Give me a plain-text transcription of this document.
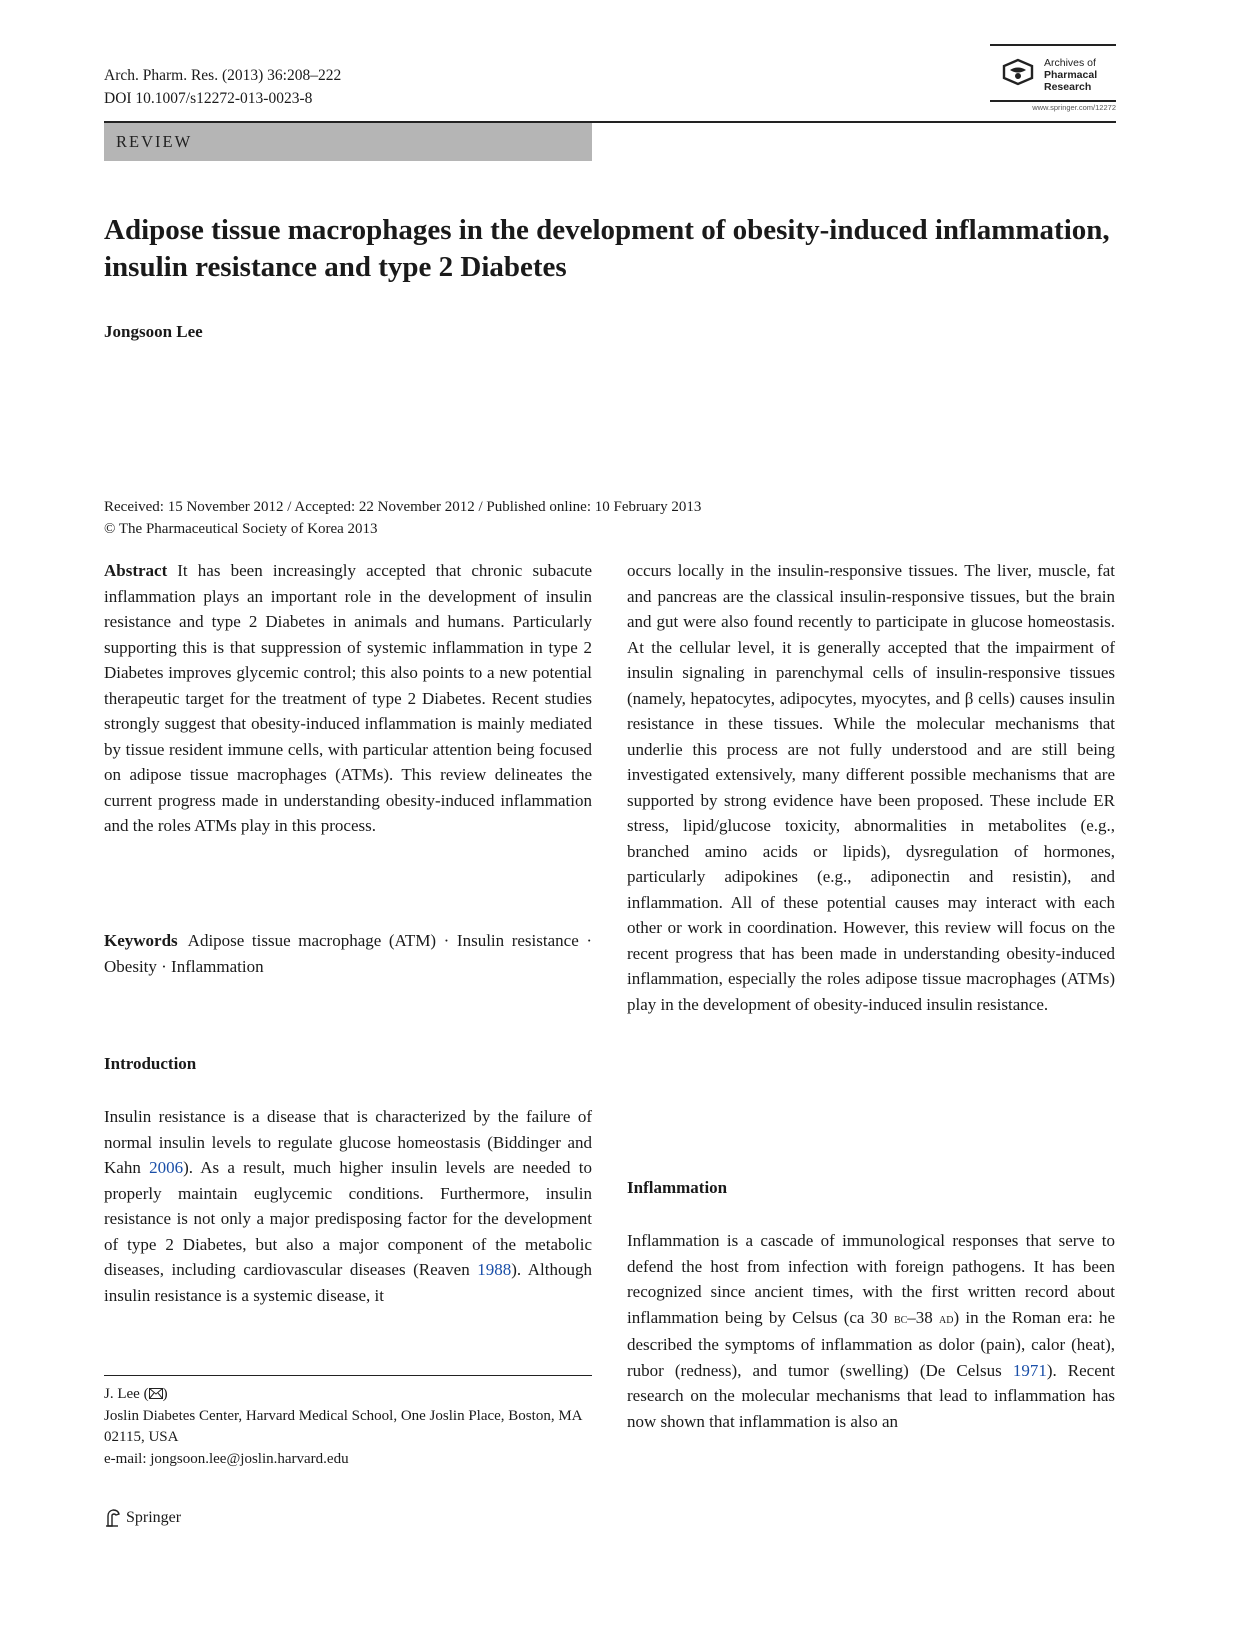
Arch. Pharm. Res. (2013) 36:208–222
DOI 10.1007/s12272-013-0023-8
Archives of
Pharmacal
Research
www.springer.com/12272
REVIEW
Adipose tissue macrophages in the development of obesity-induced inflammation, insulin resistance and type 2 Diabetes
Jongsoon Lee
Received: 15 November 2012 / Accepted: 22 November 2012 / Published online: 10 February 2013
© The Pharmaceutical Society of Korea 2013

Abstract It has been increasingly accepted that chronic subacute inflammation plays an important role in the development of insulin resistance and type 2 Diabetes in animals and humans. Particularly supporting this is that suppression of systemic inflammation in type 2 Diabetes improves glycemic control; this also points to a new potential therapeutic target for the treatment of type 2 Diabetes. Recent studies strongly suggest that obesity-induced inflammation is mainly mediated by tissue resident immune cells, with particular attention being focused on adipose tissue macrophages (ATMs). This review delineates the current progress made in understanding obesity-induced inflammation and the roles ATMs play in this process.

Keywords Adipose tissue macrophage (ATM) · Insulin resistance · Obesity · Inflammation

Introduction

Insulin resistance is a disease that is characterized by the failure of normal insulin levels to regulate glucose homeostasis (Biddinger and Kahn 2006). As a result, much higher insulin levels are needed to properly maintain euglycemic conditions. Furthermore, insulin resistance is not only a major predisposing factor for the development of type 2 Diabetes, but also a major component of the metabolic diseases, including cardiovascular diseases (Reaven 1988). Although insulin resistance is a systemic disease, it

J. Lee ( )

Joslin Diabetes Center, Harvard Medical School, One Joslin Place, Boston, MA 02115, USA

e-mail: jongsoon.lee@joslin.harvard.edu

Springer

occurs locally in the insulin-responsive tissues. The liver, muscle, fat and pancreas are the classical insulin-responsive tissues, but the brain and gut were also found recently to participate in glucose homeostasis. At the cellular level, it is generally accepted that the impairment of insulin signaling in parenchymal cells of insulin-responsive tissues (namely, hepatocytes, adipocytes, myocytes, and β cells) causes insulin resistance in these tissues. While the molecular mechanisms that underlie this process are not fully understood and are still being investigated extensively, many different possible mechanisms that are supported by strong evidence have been proposed. These include ER stress, lipid/glucose toxicity, abnormalities in metabolites (e.g., branched amino acids or lipids), dysregulation of hormones, particularly adipokines (e.g., adiponectin and resistin), and inflammation. All of these potential causes may interact with each other or work in coordination. However, this review will focus on the recent progress that has been made in understanding obesity-induced inflammation, especially the roles adipose tissue macrophages (ATMs) play in the development of obesity-induced insulin resistance.

Inflammation

Inflammation is a cascade of immunological responses that serve to defend the host from infection with foreign pathogens. It has been recognized since ancient times, with the first written record about inflammation being by Celsus (ca 30 bc–38 ad) in the Roman era: he described the symptoms of inflammation as dolor (pain), calor (heat), rubor (redness), and tumor (swelling) (De Celsus 1971). Recent research on the molecular mechanisms that lead to inflammation has now shown that inflammation is also an
